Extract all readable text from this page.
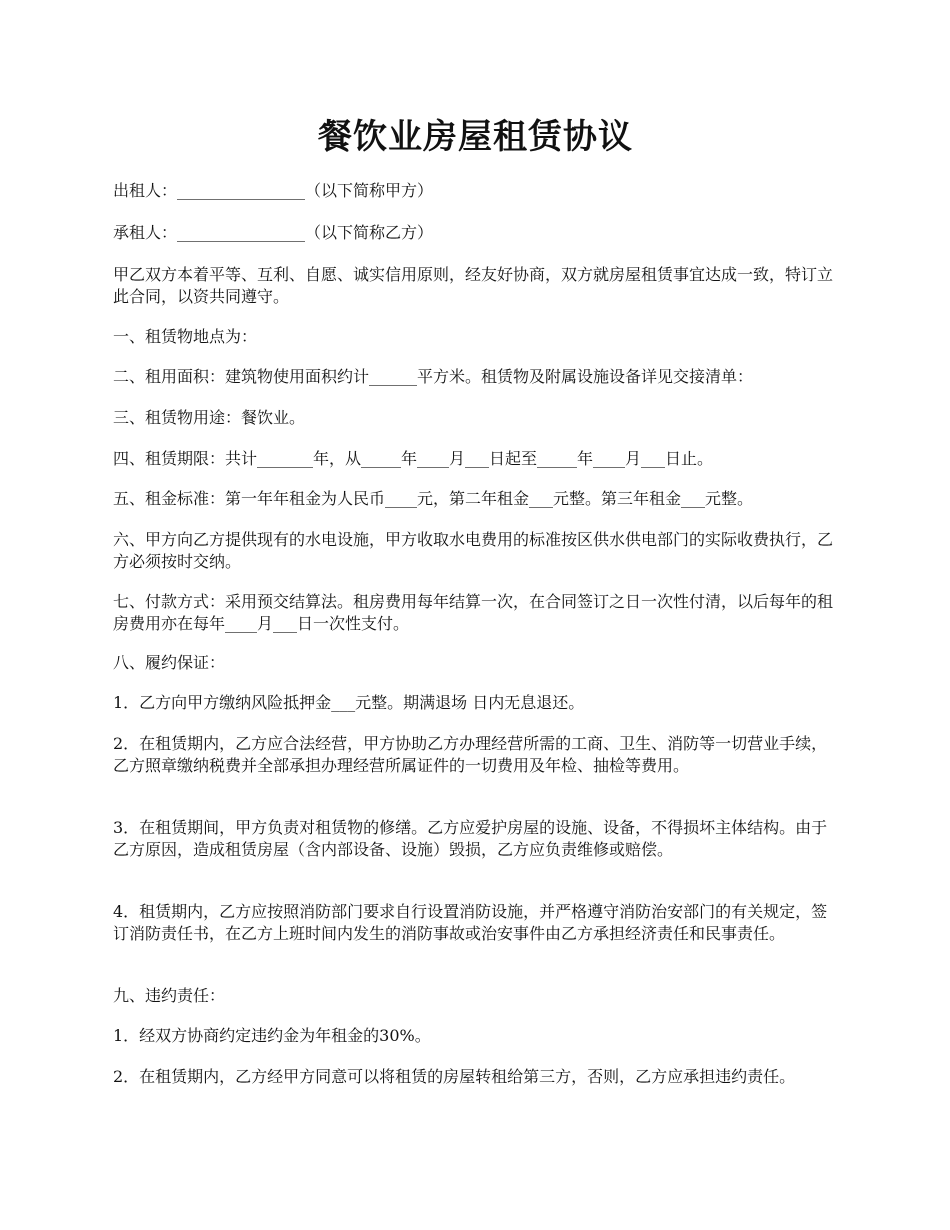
餐饮业房屋租赁协议

出租人：________________（以下简称甲方）

承租人：________________（以下简称乙方）

甲乙双方本着平等、互利、自愿、诚实信用原则，经友好协商，双方就房屋租赁事宜达成一致，特订立此合同，以资共同遵守。

一、租赁物地点为：

二、租用面积：建筑物使用面积约计______平方米。租赁物及附属设施设备详见交接清单：

三、租赁物用途：餐饮业。

四、租赁期限：共计_______年，从_____年____月___日起至_____年____月___日止。

五、租金标准：第一年年租金为人民币____元，第二年租金___元整。第三年租金___元整。

六、甲方向乙方提供现有的水电设施，甲方收取水电费用的标准按区供水供电部门的实际收费执行，乙方必须按时交纳。

七、付款方式：采用预交结算法。租房费用每年结算一次，在合同签订之日一次性付清，以后每年的租房费用亦在每年____月___日一次性支付。

八、履约保证：

1．乙方向甲方缴纳风险抵押金___元整。期满退场 日内无息退还。

2．在租赁期内，乙方应合法经营，甲方协助乙方办理经营所需的工商、卫生、消防等一切营业手续，乙方照章缴纳税费并全部承担办理经营所属证件的一切费用及年检、抽检等费用。

3．在租赁期间，甲方负责对租赁物的修缮。乙方应爱护房屋的设施、设备，不得损坏主体结构。由于乙方原因，造成租赁房屋（含内部设备、设施）毁损，乙方应负责维修或赔偿。

4．租赁期内，乙方应按照消防部门要求自行设置消防设施，并严格遵守消防治安部门的有关规定，签订消防责任书，在乙方上班时间内发生的消防事故或治安事件由乙方承担经济责任和民事责任。

九、违约责任：

1．经双方协商约定违约金为年租金的30%。

2．在租赁期内，乙方经甲方同意可以将租赁的房屋转租给第三方，否则，乙方应承担违约责任。
